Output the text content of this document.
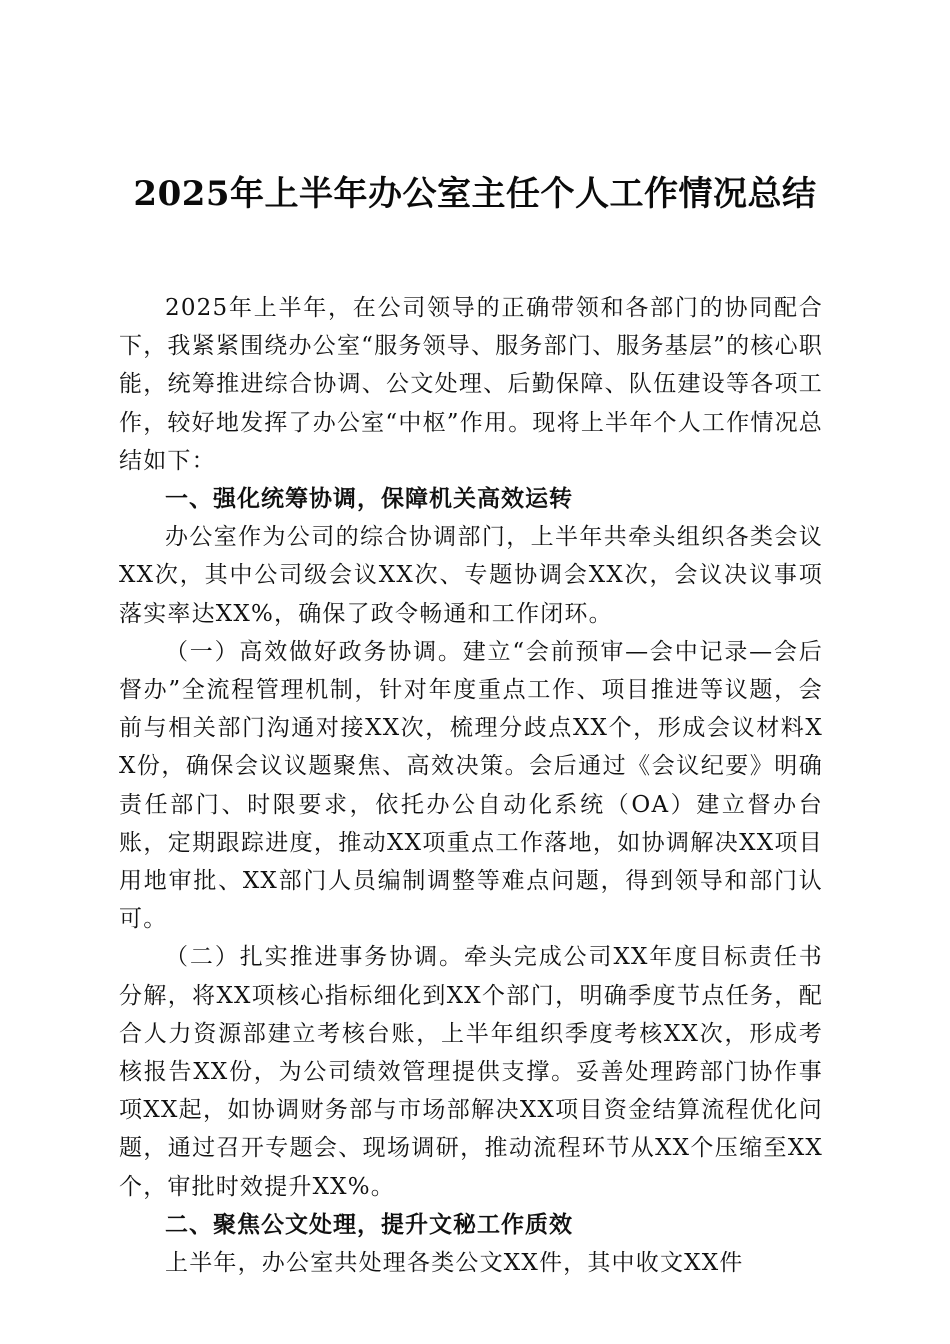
2025年上半年办公室主任个人工作情况总结

2025年上半年，在公司领导的正确带领和各部门的协同配合下，我紧紧围绕办公室“服务领导、服务部门、服务基层”的核心职能，统筹推进综合协调、公文处理、后勤保障、队伍建设等各项工作，较好地发挥了办公室“中枢”作用。现将上半年个人工作情况总结如下：

一、强化统筹协调，保障机关高效运转

办公室作为公司的综合协调部门，上半年共牵头组织各类会议XX次，其中公司级会议XX次、专题协调会XX次，会议决议事项落实率达XX%，确保了政令畅通和工作闭环。

（一）高效做好政务协调。建立“会前预审—会中记录—会后督办”全流程管理机制，针对年度重点工作、项目推进等议题，会前与相关部门沟通对接XX次，梳理分歧点XX个，形成会议材料XX份，确保会议议题聚焦、高效决策。会后通过《会议纪要》明确责任部门、时限要求，依托办公自动化系统（OA）建立督办台账，定期跟踪进度，推动XX项重点工作落地，如协调解决XX项目用地审批、XX部门人员编制调整等难点问题，得到领导和部门认可。

（二）扎实推进事务协调。牵头完成公司XX年度目标责任书分解，将XX项核心指标细化到XX个部门，明确季度节点任务，配合人力资源部建立考核台账，上半年组织季度考核XX次，形成考核报告XX份，为公司绩效管理提供支撑。妥善处理跨部门协作事项XX起，如协调财务部与市场部解决XX项目资金结算流程优化问题，通过召开专题会、现场调研，推动流程环节从XX个压缩至XX个，审批时效提升XX%。

二、聚焦公文处理，提升文秘工作质效

上半年，办公室共处理各类公文XX件，其中收文XX件
